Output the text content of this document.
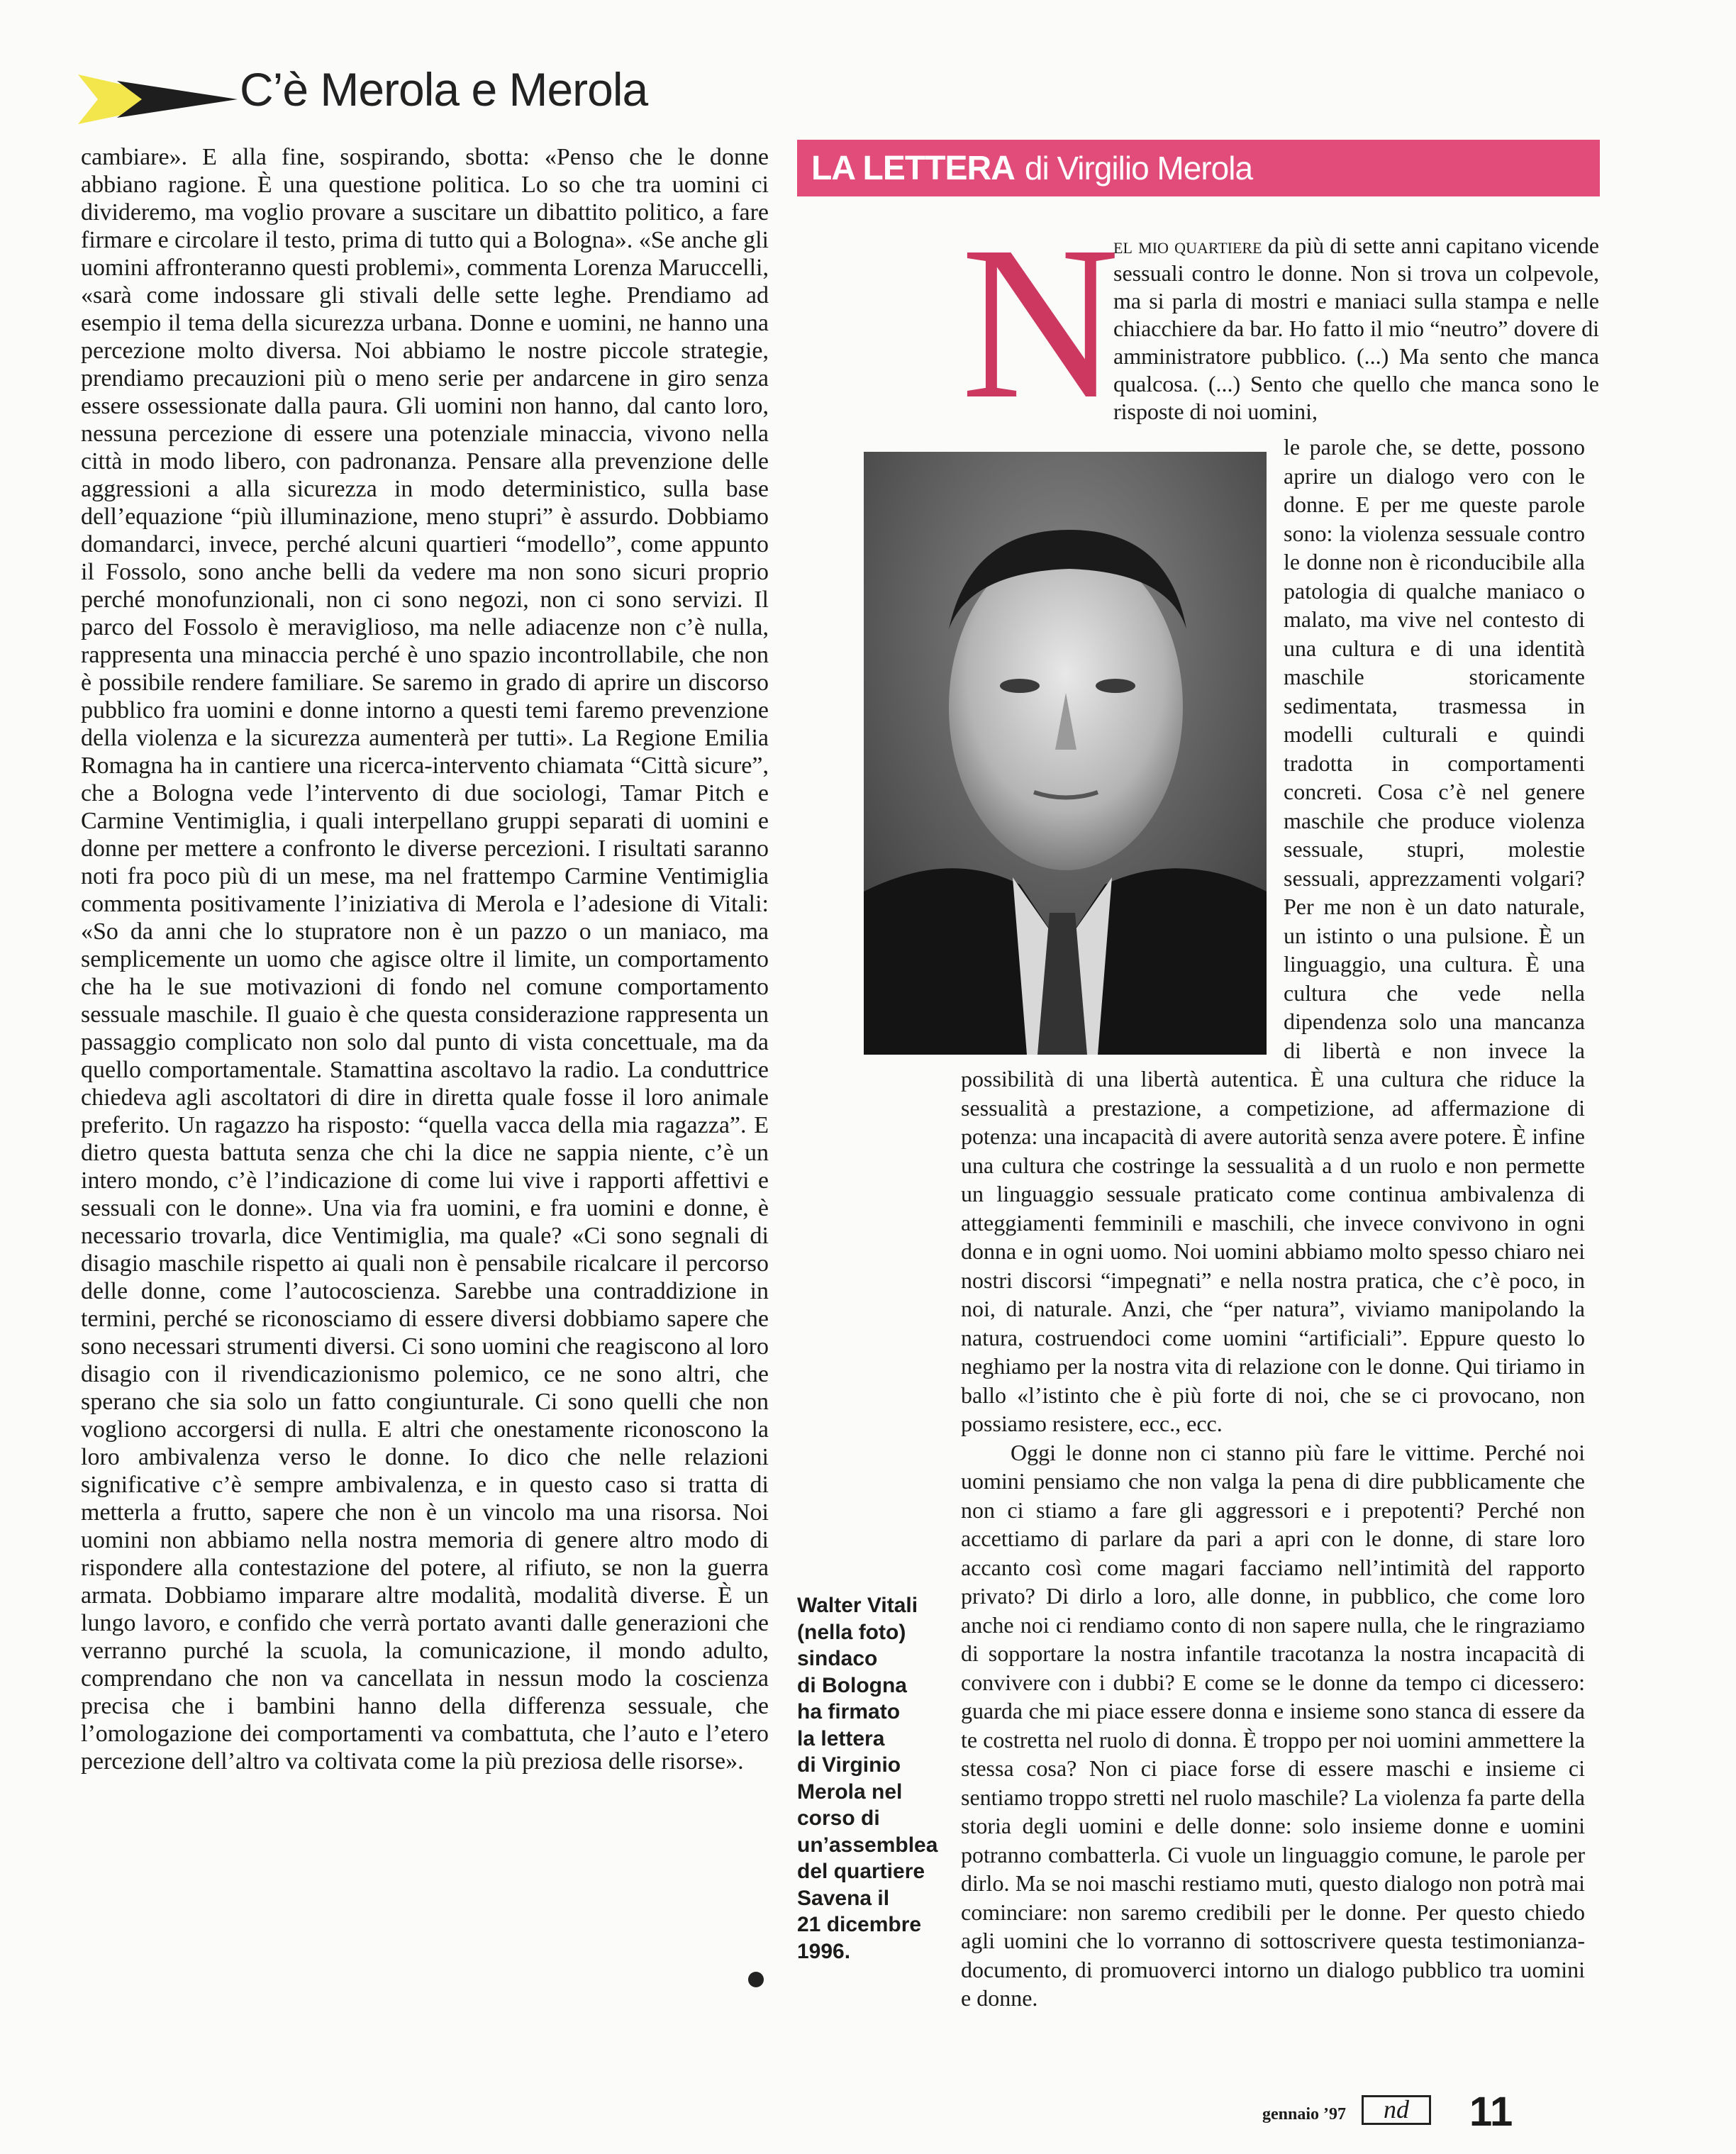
C’è Merola e Merola
LA LETTERA di Virgilio Merola

cambiare». E alla fine, sospirando, sbotta: «Penso che le donne abbiano ragione. È una questione politica. Lo so che tra uomini ci divideremo, ma voglio provare a suscitare un dibattito politico, a fare firmare e circolare il testo, prima di tutto qui a Bologna». «Se anche gli uomini affronteranno questi problemi», commenta Lorenza Maruccelli, «sarà come indossare gli stivali delle sette leghe. Prendiamo ad esempio il tema della sicurezza urbana. Donne e uomini, ne hanno una percezione molto diversa. Noi abbiamo le nostre piccole strategie, prendiamo precauzioni più o meno serie per andarcene in giro senza essere ossessionate dalla paura. Gli uomini non hanno, dal canto loro, nessuna percezione di essere una potenziale minaccia, vivono nella città in modo libero, con padronanza. Pensare alla prevenzione delle aggressioni a alla sicurezza in modo deterministico, sulla base dell’equazione “più illuminazione, meno stupri” è assurdo. Dobbiamo domandarci, invece, perché alcuni quartieri “modello”, come appunto il Fossolo, sono anche belli da vedere ma non sono sicuri proprio perché monofunzionali, non ci sono negozi, non ci sono servizi. Il parco del Fossolo è meraviglioso, ma nelle adiacenze non c’è nulla, rappresenta una minaccia perché è uno spazio incontrollabile, che non è possibile rendere familiare. Se saremo in grado di aprire un discorso pubblico fra uomini e donne intorno a questi temi faremo prevenzione della violenza e la sicurezza aumenterà per tutti». La Regione Emilia Romagna ha in cantiere una ricerca-intervento chiamata “Città sicure”, che a Bologna vede l’intervento di due sociologi, Tamar Pitch e Carmine Ventimiglia, i quali interpellano gruppi separati di uomini e donne per mettere a confronto le diverse percezioni. I risultati saranno noti fra poco più di un mese, ma nel frattempo Carmine Ventimiglia commenta positivamente l’iniziativa di Merola e l’adesione di Vitali: «So da anni che lo stupratore non è un pazzo o un maniaco, ma semplicemente un uomo che agisce oltre il limite, un comportamento che ha le sue motivazioni di fondo nel comune comportamento sessuale maschile. Il guaio è che questa considerazione rappresenta un passaggio complicato non solo dal punto di vista concettuale, ma da quello comportamentale. Stamattina ascoltavo la radio. La conduttrice chiedeva agli ascoltatori di dire in diretta quale fosse il loro animale preferito. Un ragazzo ha risposto: “quella vacca della mia ragazza”. E dietro questa battuta senza che chi la dice ne sappia niente, c’è un intero mondo, c’è l’indicazione di come lui vive i rapporti affettivi e sessuali con le donne». Una via fra uomini, e fra uomini e donne, è necessario trovarla, dice Ventimiglia, ma quale? «Ci sono segnali di disagio maschile rispetto ai quali non è pensabile ricalcare il percorso delle donne, come l’autocoscienza. Sarebbe una contraddizione in termini, perché se riconosciamo di essere diversi dobbiamo sapere che sono necessari strumenti diversi. Ci sono uomini che reagiscono al loro disagio con il rivendicazionismo polemico, ce ne sono altri, che sperano che sia solo un fatto congiunturale. Ci sono quelli che non vogliono accorgersi di nulla. E altri che onestamente riconoscono la loro ambivalenza verso le donne. Io dico che nelle relazioni significative c’è sempre ambivalenza, e in questo caso si tratta di metterla a frutto, sapere che non è un vincolo ma una risorsa. Noi uomini non abbiamo nella nostra memoria di genere altro modo di rispondere alla contestazione del potere, al rifiuto, se non la guerra armata. Dobbiamo imparare altre modalità, modalità diverse. È un lungo lavoro, e confido che verrà portato avanti dalle generazioni che verranno purché la scuola, la comunicazione, il mondo adulto, comprendano che non va cancellata in nessun modo la coscienza precisa che i bambini hanno della differenza sessuale, che l’omologazione dei comportamenti va combattuta, che l’auto e l’etero percezione dell’altro va coltivata come la più preziosa delle risorse».

N

el mio quartiere da più di sette anni capitano vicende sessuali contro le donne. Non si trova un colpevole, ma si parla di mostri e maniaci sulla stampa e nelle chiacchiere da bar. Ho fatto il mio “neutro” dovere di amministratore pubblico. (...) Ma sento che manca qualcosa. (...) Sento che quello che manca sono le risposte di noi uomini,

le parole che, se dette, possono aprire un dialogo vero con le donne. E per me queste parole sono: la violenza sessuale contro le donne non è riconducibile alla patologia di qualche maniaco o malato, ma vive nel contesto di una cultura e di una identità maschile storicamente sedimentata, trasmessa in modelli culturali e quindi tradotta in comportamenti concreti. Cosa c’è nel genere maschile che produce violenza sessuale, stupri, molestie sessuali, apprezzamenti volgari? Per me non è un dato naturale, un istinto o una pulsione. È un linguaggio, una cultura. È una cultura che vede nella dipendenza solo una mancanza di libertà e non invece la possibilità di una libertà autentica. È una cultura che riduce la sessualità a prestazione, a competizione, ad affermazione di potenza: una incapacità di avere autorità senza avere potere. È infine una cultura che costringe la sessualità a d un ruolo e non permette un linguaggio sessuale praticato come continua ambivalenza di atteggiamenti femminili e maschili, che invece convivono in ogni donna e in ogni uomo. Noi uomini abbiamo molto spesso chiaro nei nostri discorsi “impegnati” e nella nostra pratica, che c’è poco, in noi, di naturale. Anzi, che “per natura”, viviamo manipolando la natura, costruendoci come uomini “artificiali”. Eppure questo lo neghiamo per la nostra vita di relazione con le donne. Qui tiriamo in ballo «l’istinto che è più forte di noi, che se ci provocano, non possiamo resistere, ecc., ecc.

Oggi le donne non ci stanno più fare le vittime. Perché noi uomini pensiamo che non valga la pena di dire pubblicamente che non ci stiamo a fare gli aggressori e i prepotenti? Perché non accettiamo di parlare da pari a apri con le donne, di stare loro accanto così come magari facciamo nell’intimità del rapporto privato? Di dirlo a loro, alle donne, in pubblico, che come loro anche noi ci rendiamo conto di non sapere nulla, che le ringraziamo di sopportare la nostra infantile tracotanza la nostra incapacità di convivere con i dubbi? E come se le donne da tempo ci dicessero: guarda che mi piace essere donna e insieme sono stanca di essere da te costretta nel ruolo di donna. È troppo per noi uomini ammettere la stessa cosa? Non ci piace forse di essere maschi e insieme ci sentiamo troppo stretti nel ruolo maschile? La violenza fa parte della storia degli uomini e delle donne: solo insieme donne e uomini potranno combatterla. Ci vuole un linguaggio comune, le parole per dirlo. Ma se noi maschi restiamo muti, questo dialogo non potrà mai cominciare: non saremo credibili per le donne. Per questo chiedo agli uomini che lo vorranno di sottoscrivere questa testimonianza-documento, di promuoverci intorno un dialogo pubblico tra uomini e donne.

Walter Vitali
(nella foto)
sindaco
di Bologna
ha firmato
la lettera
di Virginio
Merola nel
corso di
un’assemblea
del quartiere
Savena il
21 dicembre
1996.
gennaio ’97	nd	11
